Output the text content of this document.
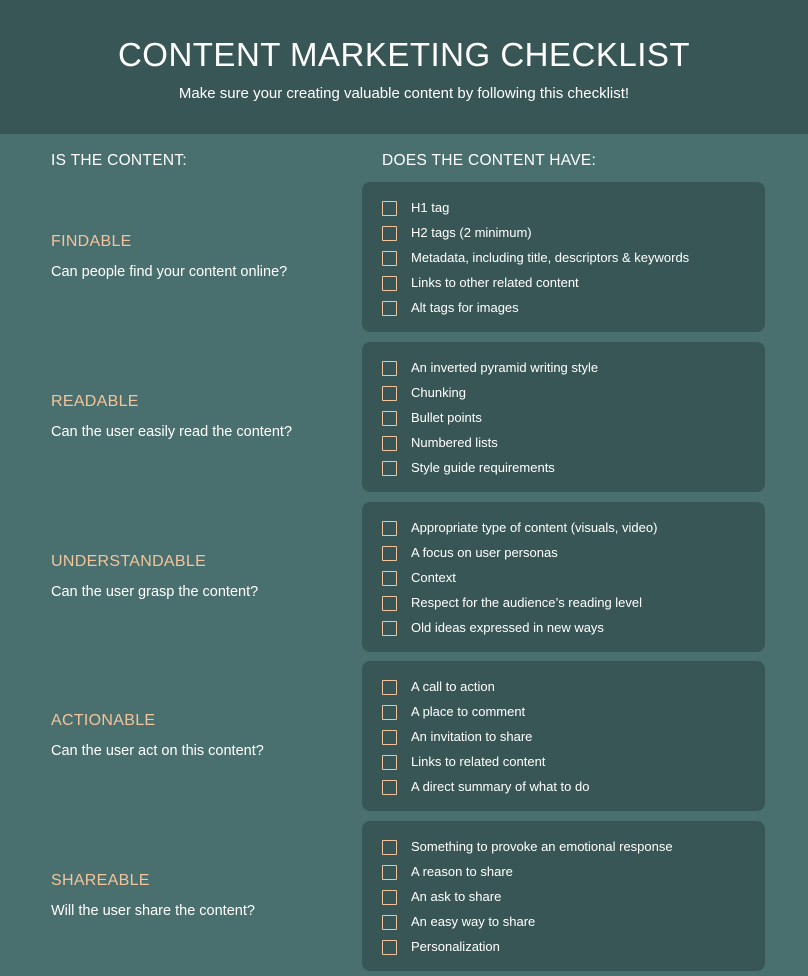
CONTENT MARKETING CHECKLIST
Make sure your creating valuable content by following this checklist!
IS THE CONTENT:	DOES THE CONTENT HAVE:
FINDABLE
Can people find your content online?
H1 tag
H2 tags (2 minimum)
Metadata, including title, descriptors & keywords
Links to other related content
Alt tags for images
READABLE
Can the user easily read the content?
An inverted pyramid writing style
Chunking
Bullet points
Numbered lists
Style guide requirements
UNDERSTANDABLE
Can the user grasp the content?
Appropriate type of content (visuals, video)
A focus on user personas
Context
Respect for the audience’s reading level
Old ideas expressed in new ways
ACTIONABLE
Can the user act on this content?
A call to action
A place to comment
An invitation to share
Links to related content
A direct summary of what to do
SHAREABLE
Will the user share the content?
Something to provoke an emotional response
A reason to share
An ask to share
An easy way to share
Personalization
